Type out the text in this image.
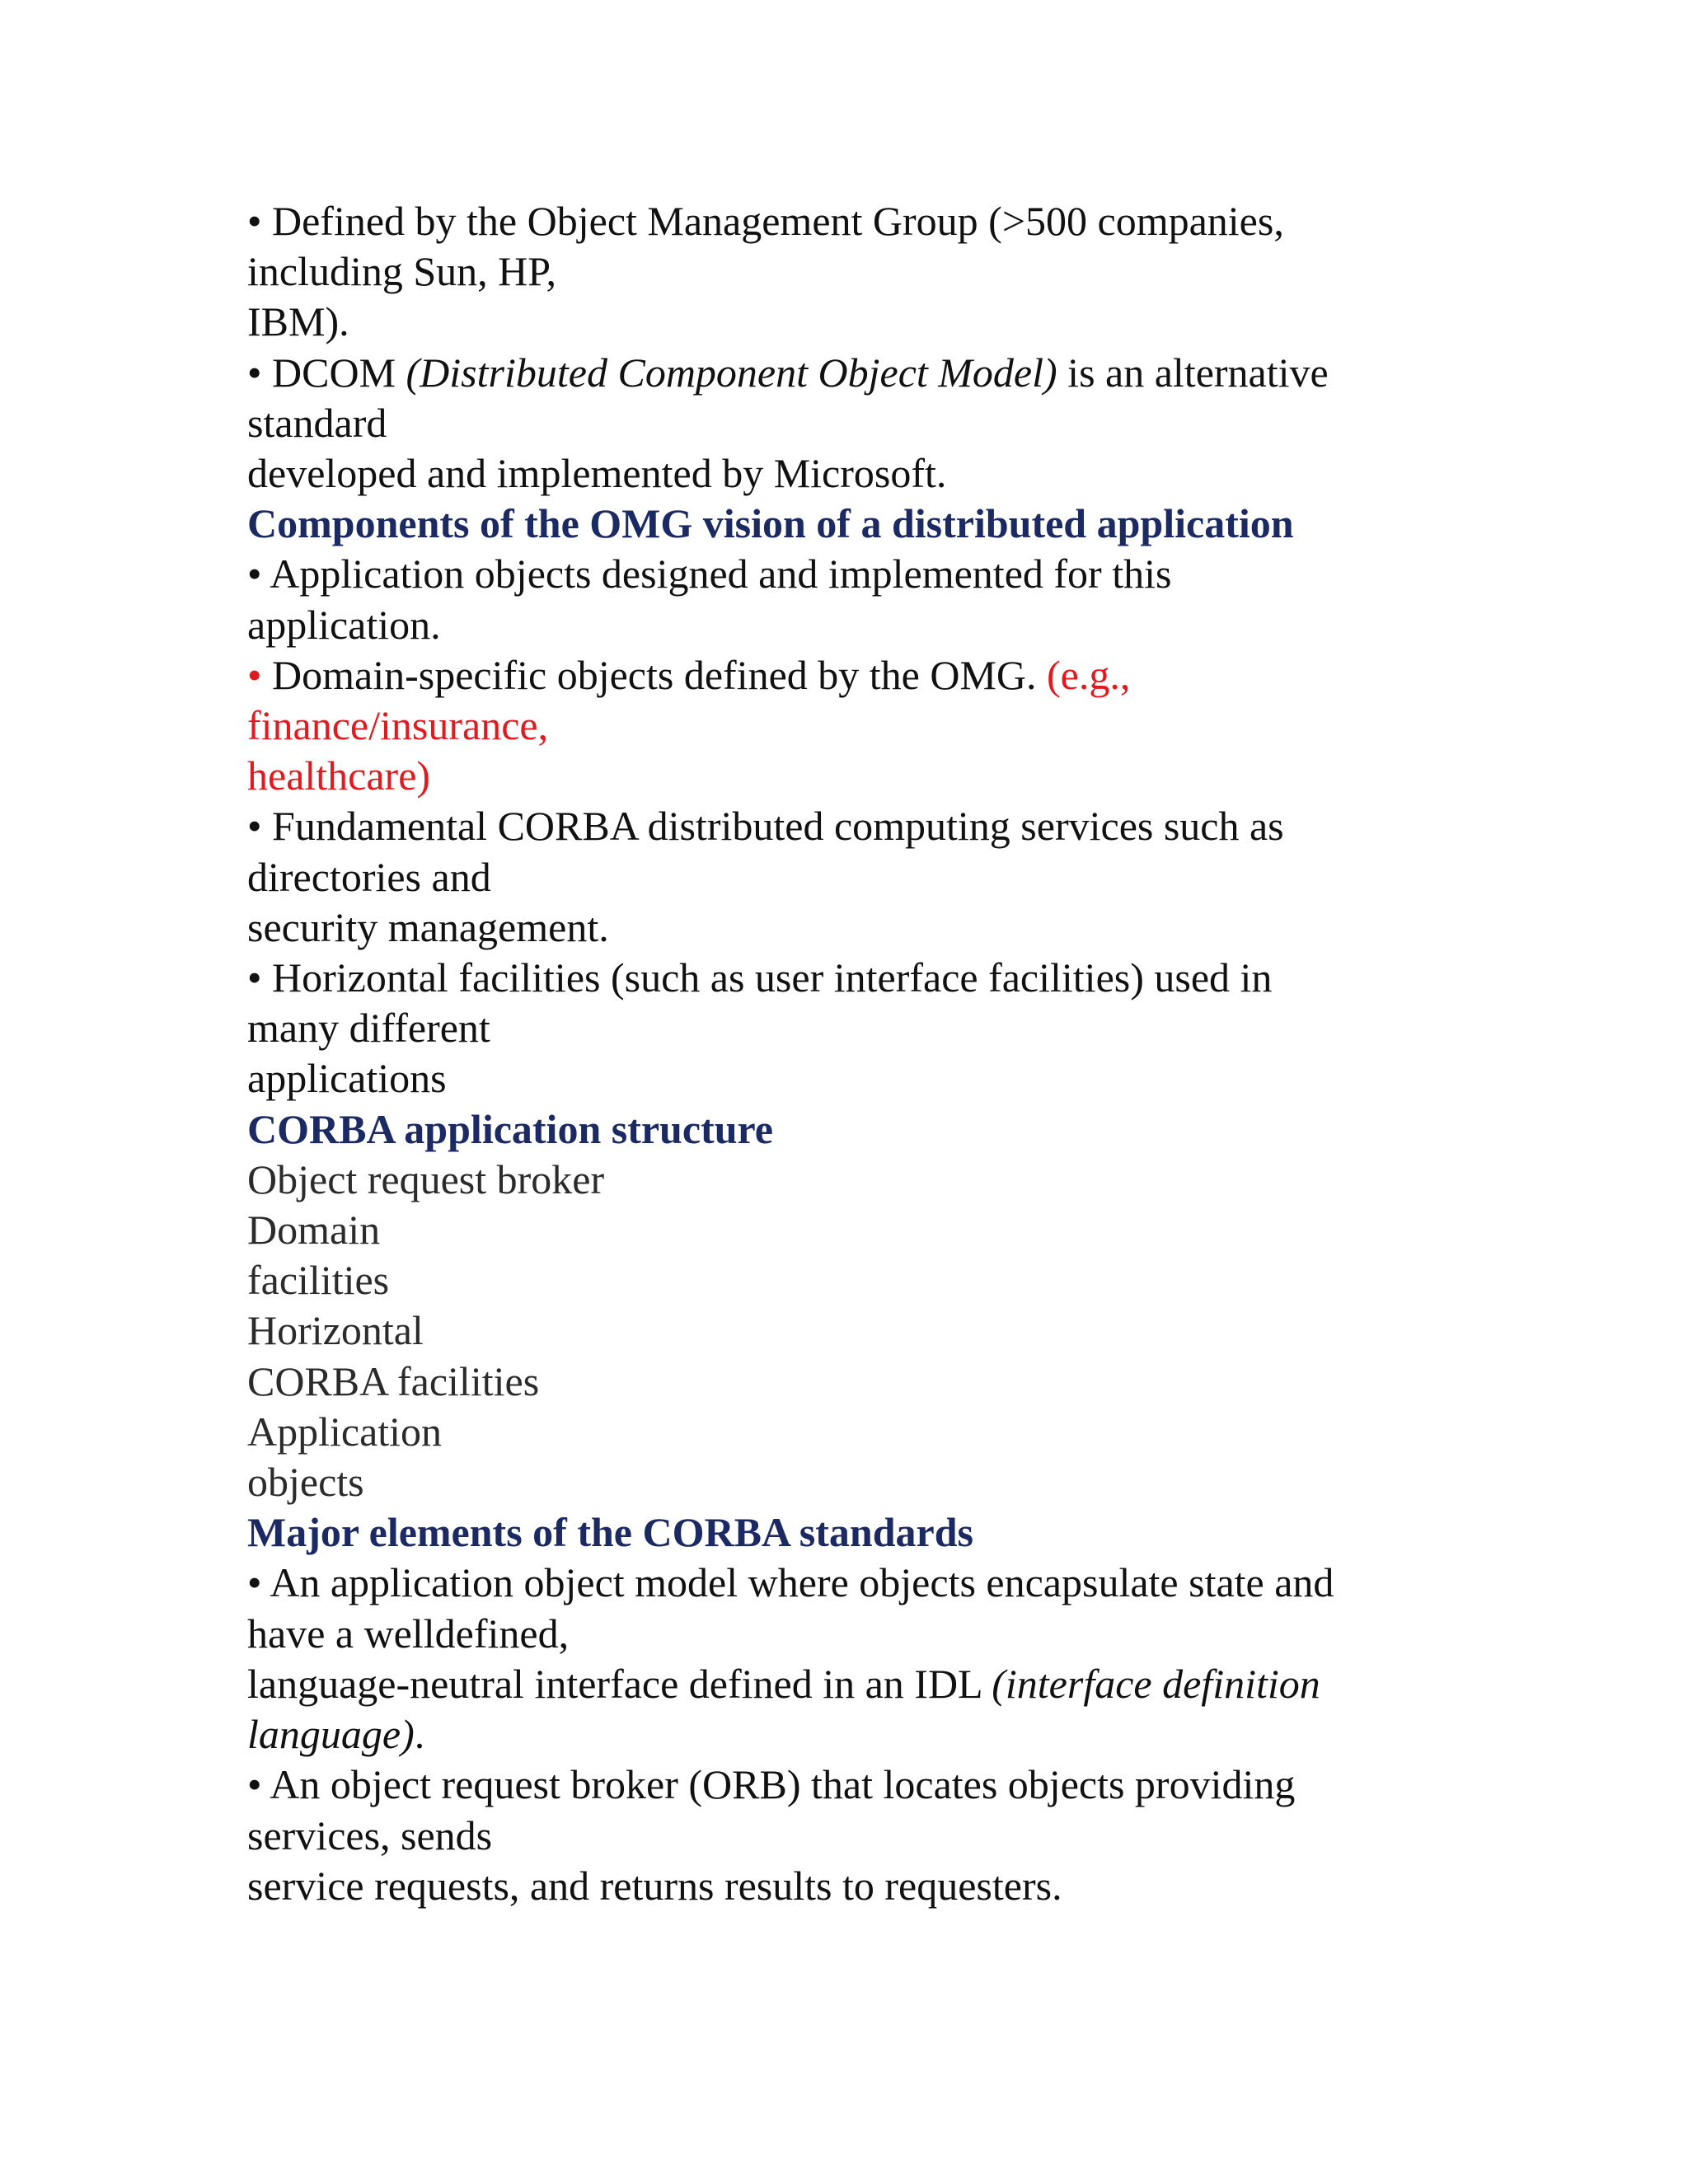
• Defined by the Object Management Group (>500 companies,

including Sun, HP,

IBM).

• DCOM (Distributed Component Object Model) is an alternative

standard

developed and implemented by Microsoft.

Components of the OMG vision of a distributed application

• Application objects designed and implemented for this

application.

• Domain-specific objects defined by the OMG. (e.g.,

finance/insurance,

healthcare)

• Fundamental CORBA distributed computing services such as

directories and

security management.

• Horizontal facilities (such as user interface facilities) used in

many different

applications

CORBA application structure

Object request broker

Domain

facilities

Horizontal

CORBA facilities

Application

objects

Major elements of the CORBA standards

• An application object model where objects encapsulate state and

have a welldefined,

language-neutral interface defined in an IDL (interface definition

language).

• An object request broker (ORB) that locates objects providing

services, sends

service requests, and returns results to requesters.
